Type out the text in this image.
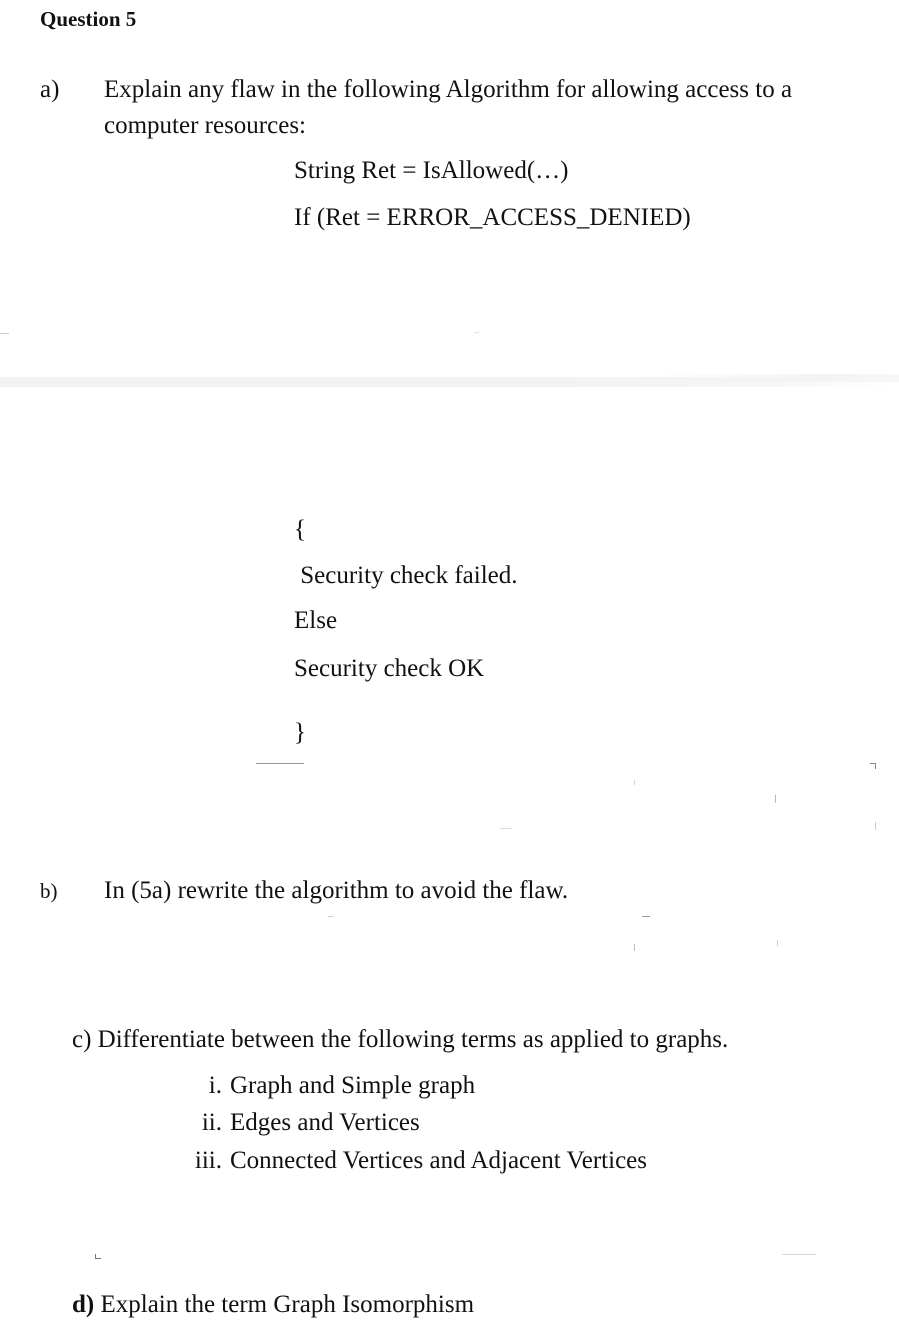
Question 5
a) Explain any flaw in the following Algorithm for allowing access to a computer resources:
String Ret = IsAllowed(…)
If (Ret = ERROR_ACCESS_DENIED)
{
Security check failed.
Else
Security check OK
}
b) In (5a) rewrite the algorithm to avoid the flaw.
c) Differentiate between the following terms as applied to graphs.
i. Graph and Simple graph
ii. Edges and Vertices
iii. Connected Vertices and Adjacent Vertices
d) Explain the term Graph Isomorphism
